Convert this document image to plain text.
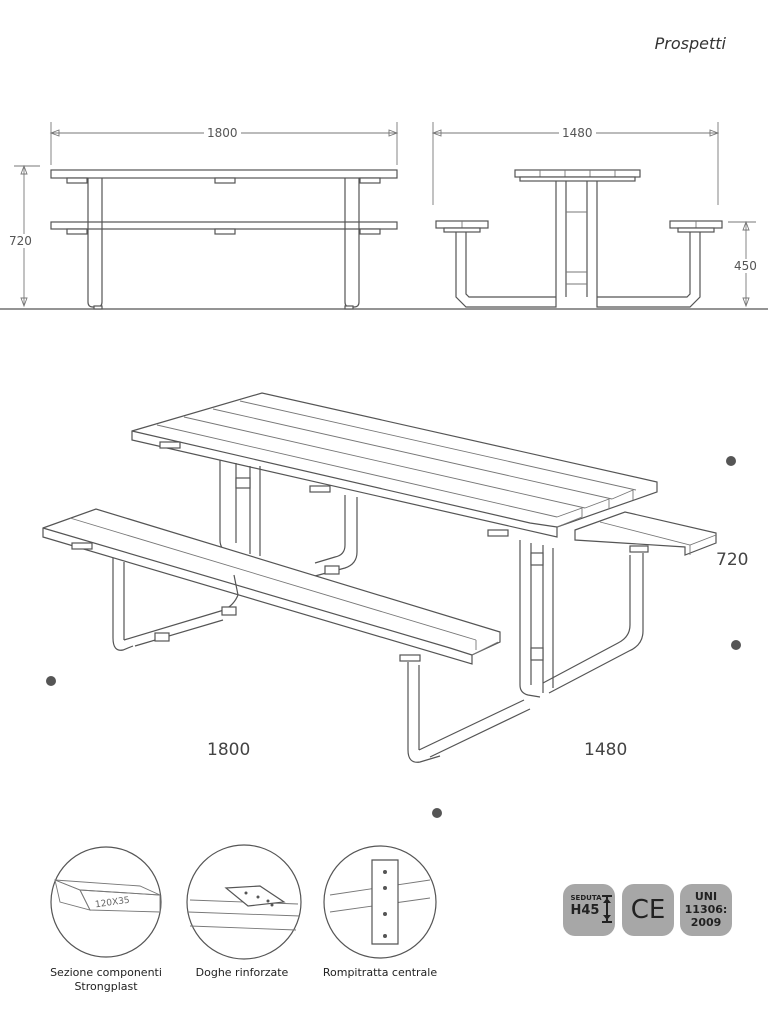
Prospetti
1800
720
1480
450
720
1800	1480
120X35
Sezione componenti
Strongplast
Doghe rinforzate	Rompitratta centrale
SEDUTA
H45	CE	UNI
11306:
2009
